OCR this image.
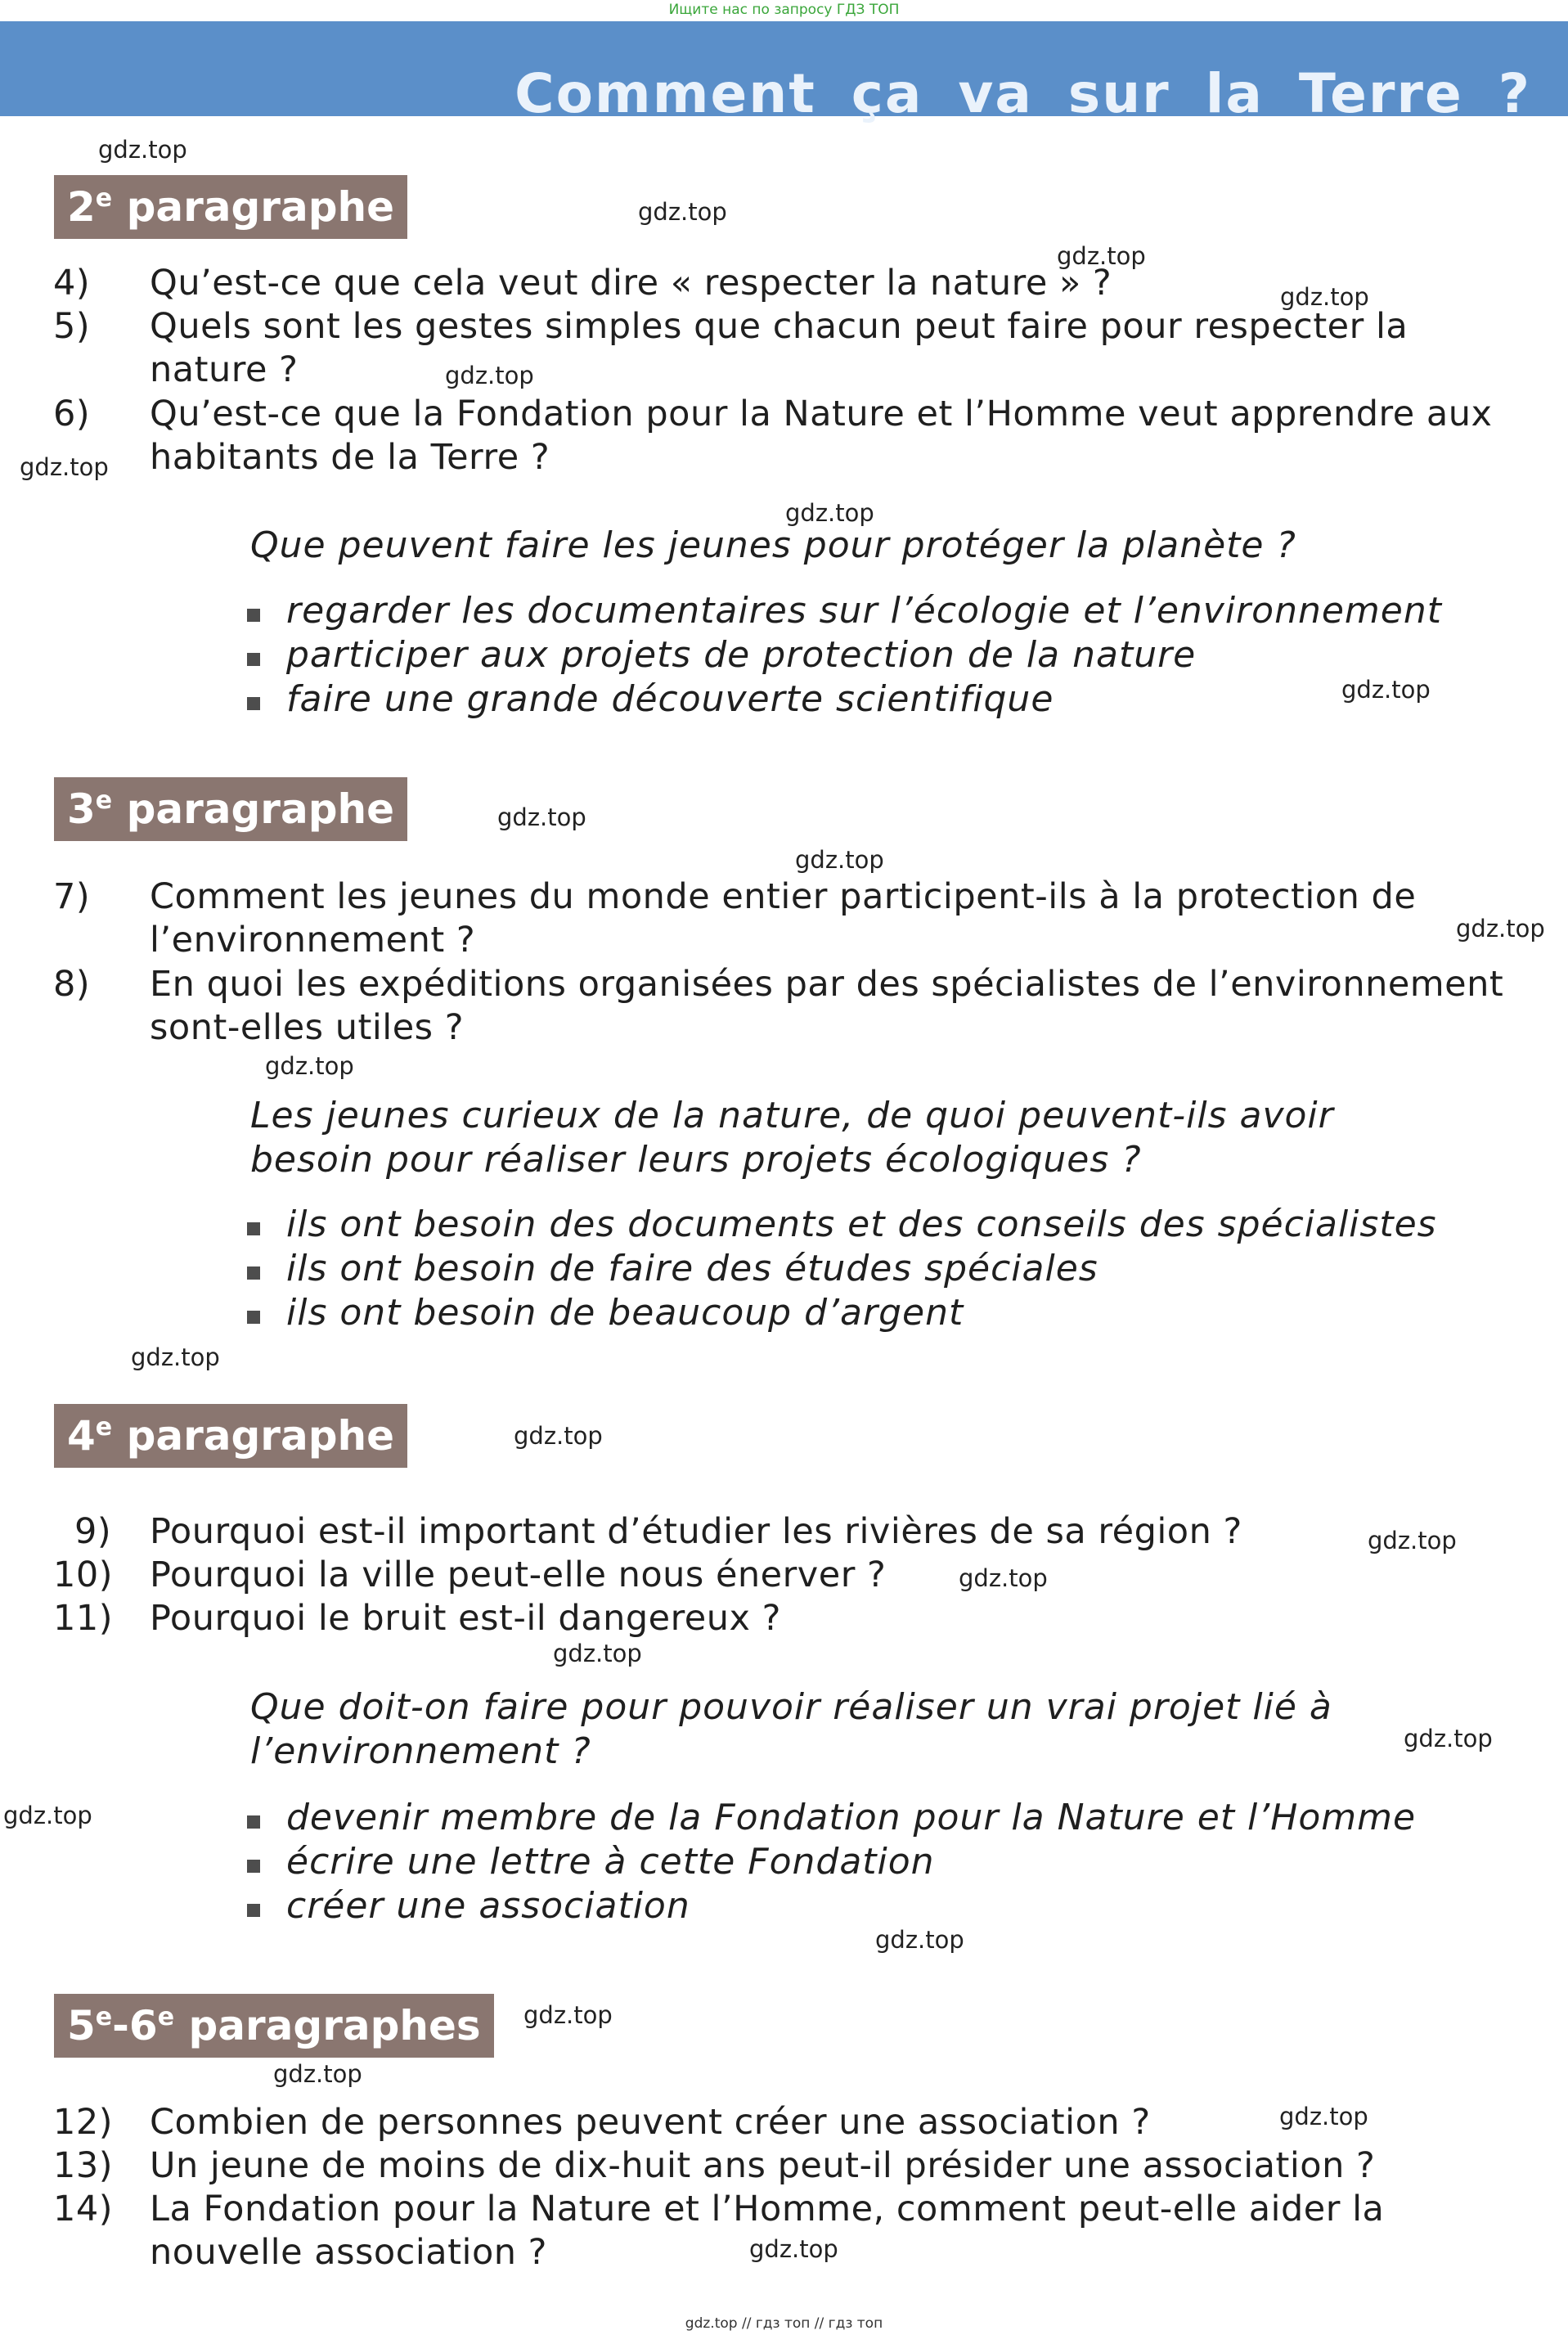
Ищите нас по запросу ГДЗ ТОП
Comment ça va sur la Terre ?
2e paragraphe
4)	Qu’est-ce que cela veut dire « respecter la nature » ?
5)	Quels sont les gestes simples que chacun peut faire pour respecter la nature ?
6)	Qu’est-ce que la Fondation pour la Nature et l’Homme veut apprendre aux habitants de la Terre ?
Que peuvent faire les jeunes pour protéger la planète ?
regarder les documentaires sur l’écologie et l’environnement
participer aux projets de protection de la nature
faire une grande découverte scientifique
3e paragraphe
7)	Comment les jeunes du monde entier participent-ils à la protection de l’environnement ?
8)	En quoi les expéditions organisées par des spécialistes de l’environnement sont-elles utiles ?
Les jeunes curieux de la nature, de quoi peuvent-ils avoir besoin pour réaliser leurs projets écologiques ?
ils ont besoin des documents et des conseils des spécialistes
ils ont besoin de faire des études spéciales
ils ont besoin de beaucoup d’argent
4e paragraphe
9)	Pourquoi est-il important d’étudier les rivières de sa région ?
10)	Pourquoi la ville peut-elle nous énerver ?
11)	Pourquoi le bruit est-il dangereux ?
Que doit-on faire pour pouvoir réaliser un vrai projet lié à l’environnement ?
devenir membre de la Fondation pour la Nature et l’Homme
écrire une lettre à cette Fondation
créer une association
5e-6e paragraphes
12)	Combien de personnes peuvent créer une association ?
13)	Un jeune de moins de dix-huit ans peut-il présider une association ?
14)	La Fondation pour la Nature et l’Homme, comment peut-elle aider la nouvelle association ?
gdz.top
gdz.top
gdz.top
gdz.top
gdz.top
gdz.top
gdz.top
gdz.top
gdz.top
gdz.top
gdz.top
gdz.top
gdz.top
gdz.top
gdz.top
gdz.top
gdz.top
gdz.top
gdz.top
gdz.top
gdz.top
gdz.top
gdz.top
gdz.top
gdz.top // гдз топ // гдз топ
